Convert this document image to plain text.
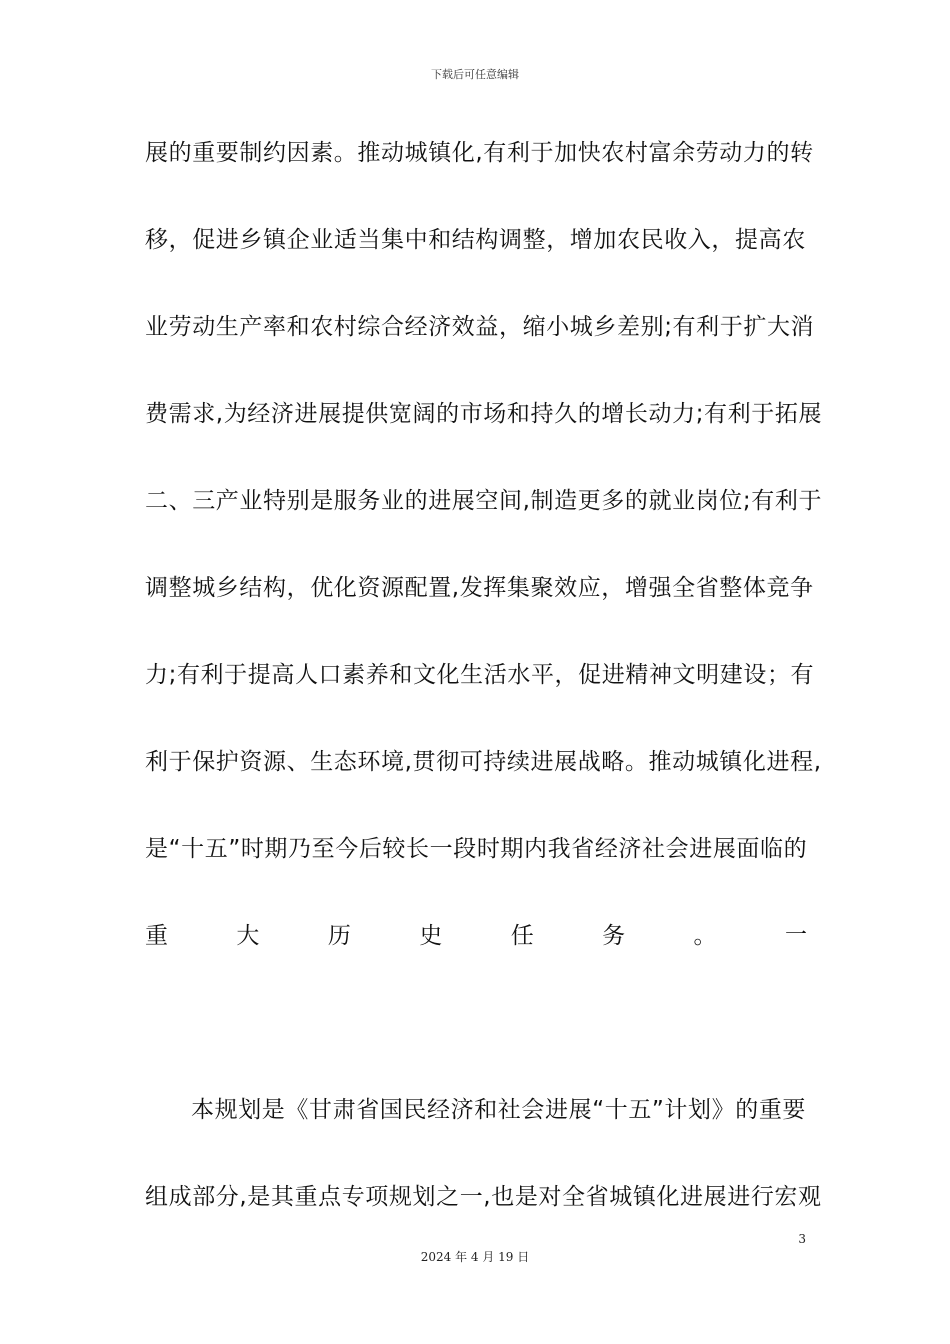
下载后可任意编辑
展的重要制约因素。推动城镇化,有利于加快农村富余劳动力的转
移，促进乡镇企业适当集中和结构调整，增加农民收入，提高农
业劳动生产率和农村综合经济效益，缩小城乡差别;有利于扩大消
费需求,为经济进展提供宽阔的市场和持久的增长动力;有利于拓展
二、三产业特别是服务业的进展空间,制造更多的就业岗位;有利于
调整城乡结构，优化资源配置,发挥集聚效应，增强全省整体竞争
力;有利于提高人口素养和文化生活水平，促进精神文明建设；有
利于保护资源、生态环境,贯彻可持续进展战略。推动城镇化进程,
是“十五”时期乃至今后较长一段时期内我省经济社会进展面临的
重	大	历	史	任	务	。	一
本规划是《甘肃省国民经济和社会进展“十五”计划》的重要
组成部分,是其重点专项规划之一,也是对全省城镇化进展进行宏观
3
2024 年 4 月 19 日
